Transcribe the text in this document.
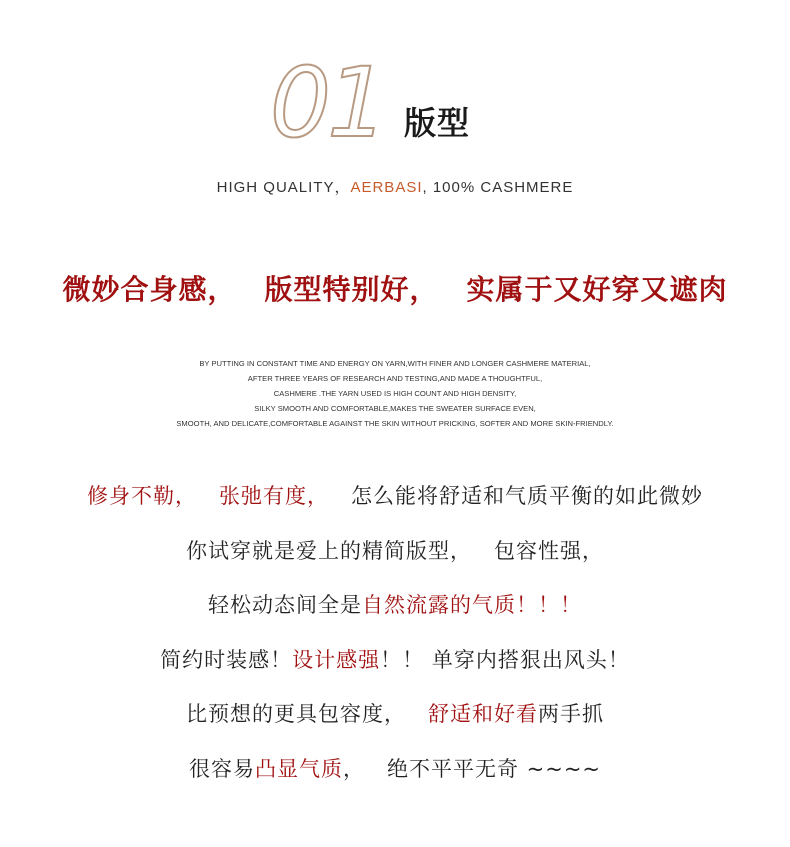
01 版型
HIGH QUALITY，AERBASI, 100% CASHMERE
微妙合身感， 版型特别好， 实属于又好穿又遮肉
BY PUTTING IN CONSTANT TIME AND ENERGY ON YARN,WITH FINER AND LONGER CASHMERE MATERIAL,
AFTER THREE YEARS OF RESEARCH AND TESTING,AND MADE A THOUGHTFUL,
CASHMERE .THE YARN USED IS HIGH COUNT AND HIGH DENSITY,
SILKY SMOOTH AND COMFORTABLE,MAKES THE SWEATER SURFACE EVEN,
SMOOTH, AND DELICATE,COMFORTABLE AGAINST THE SKIN WITHOUT PRICKING, SOFTER AND MORE SKIN-FRIENDLY.
修身不勒， 张弛有度， 怎么能将舒适和气质平衡的如此微妙
你试穿就是爱上的精简版型， 包容性强，
轻松动态间全是自然流露的气质！！！
简约时装感！设计感强！！ 单穿内搭狠出风头！
比预想的更具包容度， 舒适和好看两手抓
很容易凸显气质， 绝不平平无奇 ~~~~
